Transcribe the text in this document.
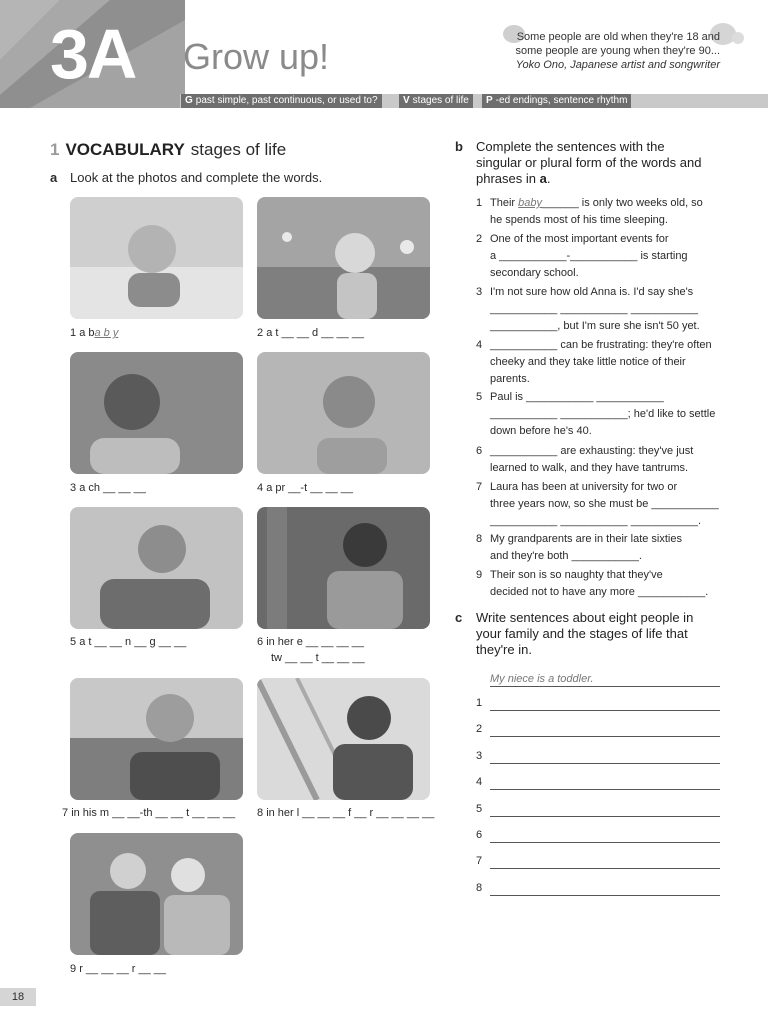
3A Grow up!	Some people are old when they're 18 and
some people are young when they're 90...
Yoko Ono, Japanese artist and songwriter
G past simple, past continuous, or used to?	V stages of life	P -ed endings, sentence rhythm
1 VOCABULARY stages of life
a Look at the photos and complete the words.
1 a ba b y	2 a t __ __ d __ __ __
3 a ch __ __ __	4 a pr __-t __ __ __
5 a t __ __ n __ g __ __	6 in her e __ __ __ __
tw __ __ t __ __ __
7 in his m __ __-th __ __ t __ __ __ 8 in her l __ __ __ f __ r __ __ __ __
9 r __ __ __ r __ __
b Complete the sentences with the
singular or plural form of the words and
phrases in a.
1 Their baby______ is only two weeks old, so
he spends most of his time sleeping.
2 One of the most important events for
a ___________-___________ is starting
secondary school.
3 I'm not sure how old Anna is. I'd say she's
___________ ___________ ___________
___________, but I'm sure she isn't 50 yet.
4 ___________ can be frustrating: they're often
cheeky and they take little notice of their
parents.
5 Paul is ___________ ___________
___________ ___________; he'd like to settle
down before he's 40.
6 ___________ are exhausting: they've just
learned to walk, and they have tantrums.
7 Laura has been at university for two or
three years now, so she must be ___________
___________ ___________ ___________.
8 My grandparents are in their late sixties
and they're both ___________.
9 Their son is so naughty that they've
decided not to have any more ___________.
c Write sentences about eight people in
your family and the stages of life that
they're in.
My niece is a toddler.
1
2
3
4
5
6
7
8
18
